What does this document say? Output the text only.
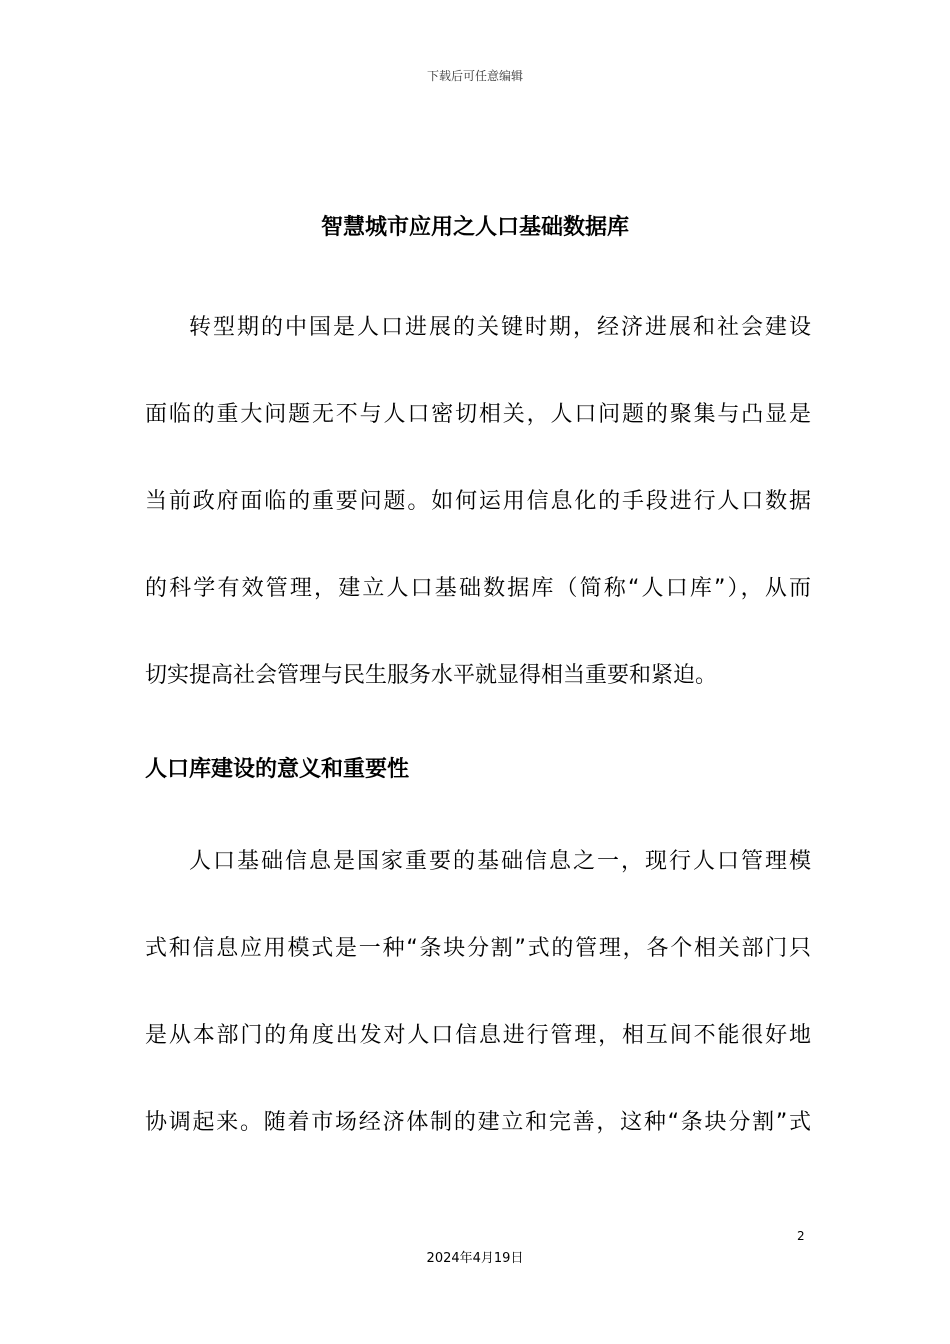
下载后可任意编辑
智慧城市应用之人口基础数据库
转型期的中国是人口进展的关键时期，经济进展和社会建设
面临的重大问题无不与人口密切相关，人口问题的聚集与凸显是
当前政府面临的重要问题。如何运用信息化的手段进行人口数据
的科学有效管理，建立人口基础数据库（简称“人口库”），从而
切实提高社会管理与民生服务水平就显得相当重要和紧迫。
人口库建设的意义和重要性
人口基础信息是国家重要的基础信息之一，现行人口管理模
式和信息应用模式是一种“条块分割”式的管理，各个相关部门只
是从本部门的角度出发对人口信息进行管理，相互间不能很好地
协调起来。随着市场经济体制的建立和完善，这种“条块分割”式
2
2024年4月19日
